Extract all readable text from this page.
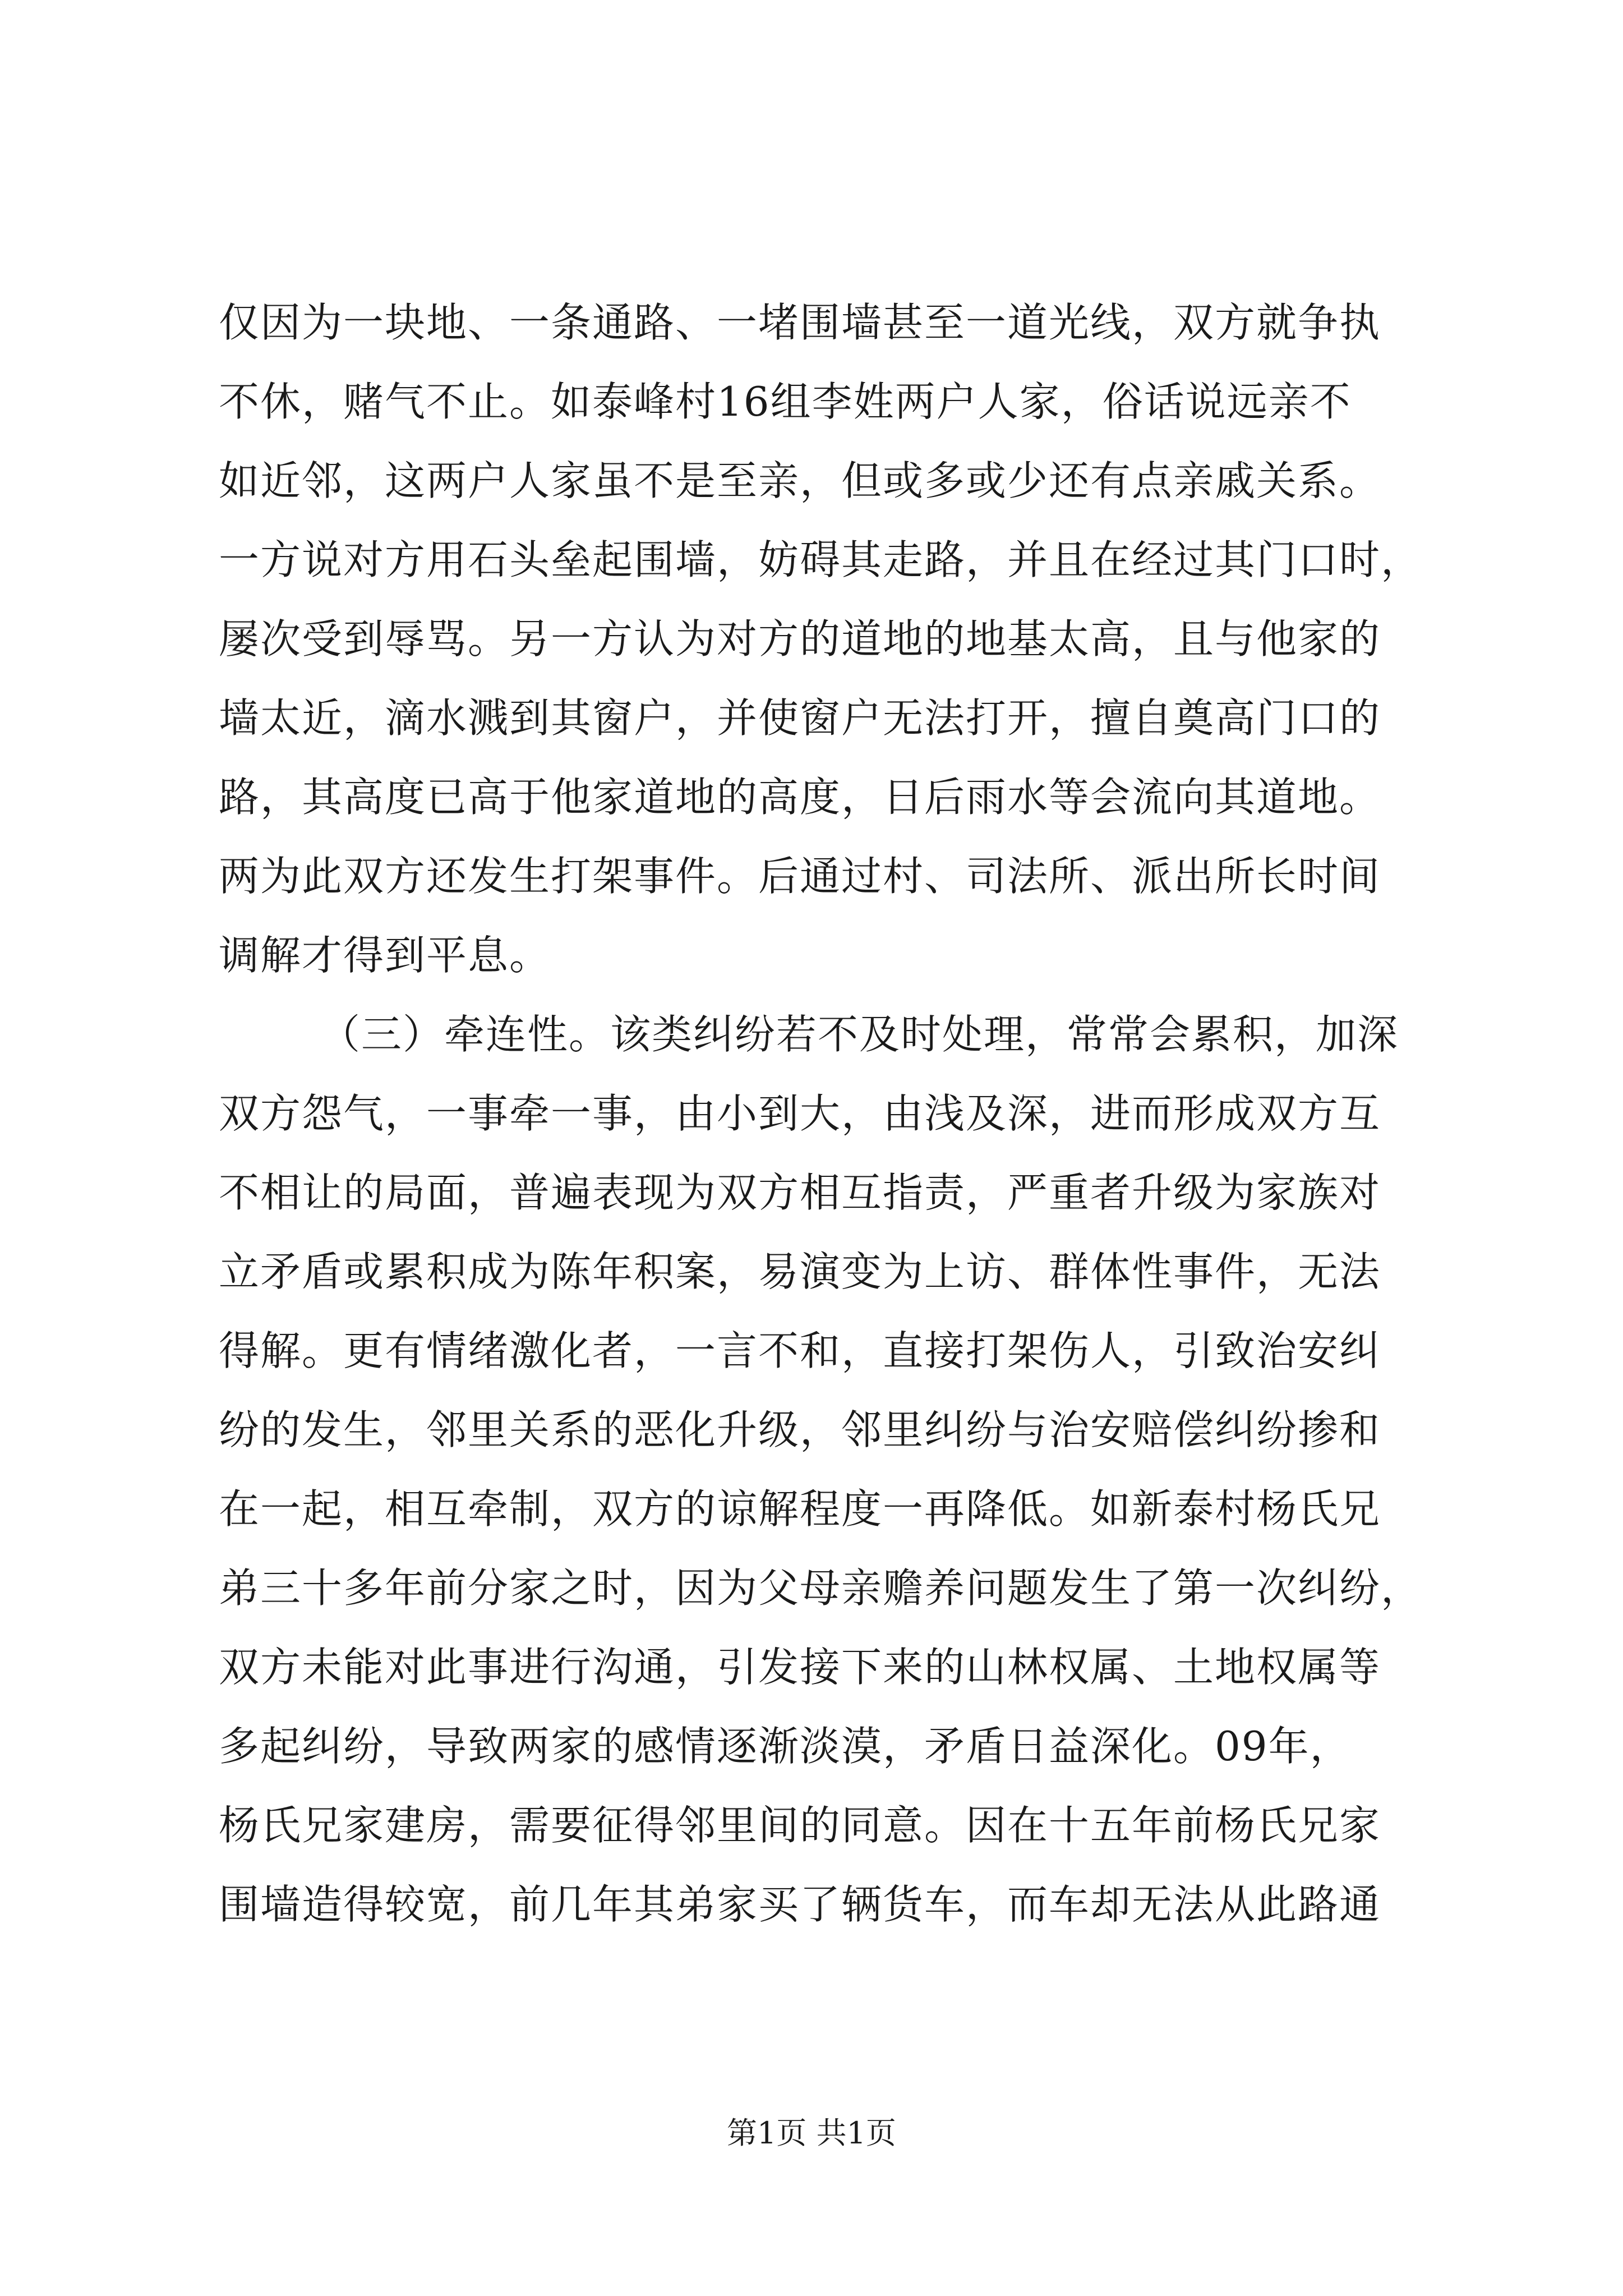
仅因为一块地、一条通路、一堵围墙甚至一道光线，双方就争执
不休，赌气不止。如泰峰村16组李姓两户人家，俗话说远亲不
如近邻，这两户人家虽不是至亲，但或多或少还有点亲戚关系。
一方说对方用石头垒起围墙，妨碍其走路，并且在经过其门口时，
屡次受到辱骂。另一方认为对方的道地的地基太高，且与他家的
墙太近，滴水溅到其窗户，并使窗户无法打开，擅自奠高门口的
路，其高度已高于他家道地的高度，日后雨水等会流向其道地。
两为此双方还发生打架事件。后通过村、司法所、派出所长时间
调解才得到平息。
（三）牵连性。该类纠纷若不及时处理，常常会累积，加深
双方怨气，一事牵一事，由小到大，由浅及深，进而形成双方互
不相让的局面，普遍表现为双方相互指责，严重者升级为家族对
立矛盾或累积成为陈年积案，易演变为上访、群体性事件，无法
得解。更有情绪激化者，一言不和，直接打架伤人，引致治安纠
纷的发生，邻里关系的恶化升级，邻里纠纷与治安赔偿纠纷掺和
在一起，相互牵制，双方的谅解程度一再降低。如新泰村杨氏兄
弟三十多年前分家之时，因为父母亲赡养问题发生了第一次纠纷，
双方未能对此事进行沟通，引发接下来的山林权属、土地权属等
多起纠纷，导致两家的感情逐渐淡漠，矛盾日益深化。09年，
杨氏兄家建房，需要征得邻里间的同意。因在十五年前杨氏兄家
围墙造得较宽，前几年其弟家买了辆货车，而车却无法从此路通
第1页 共1页
